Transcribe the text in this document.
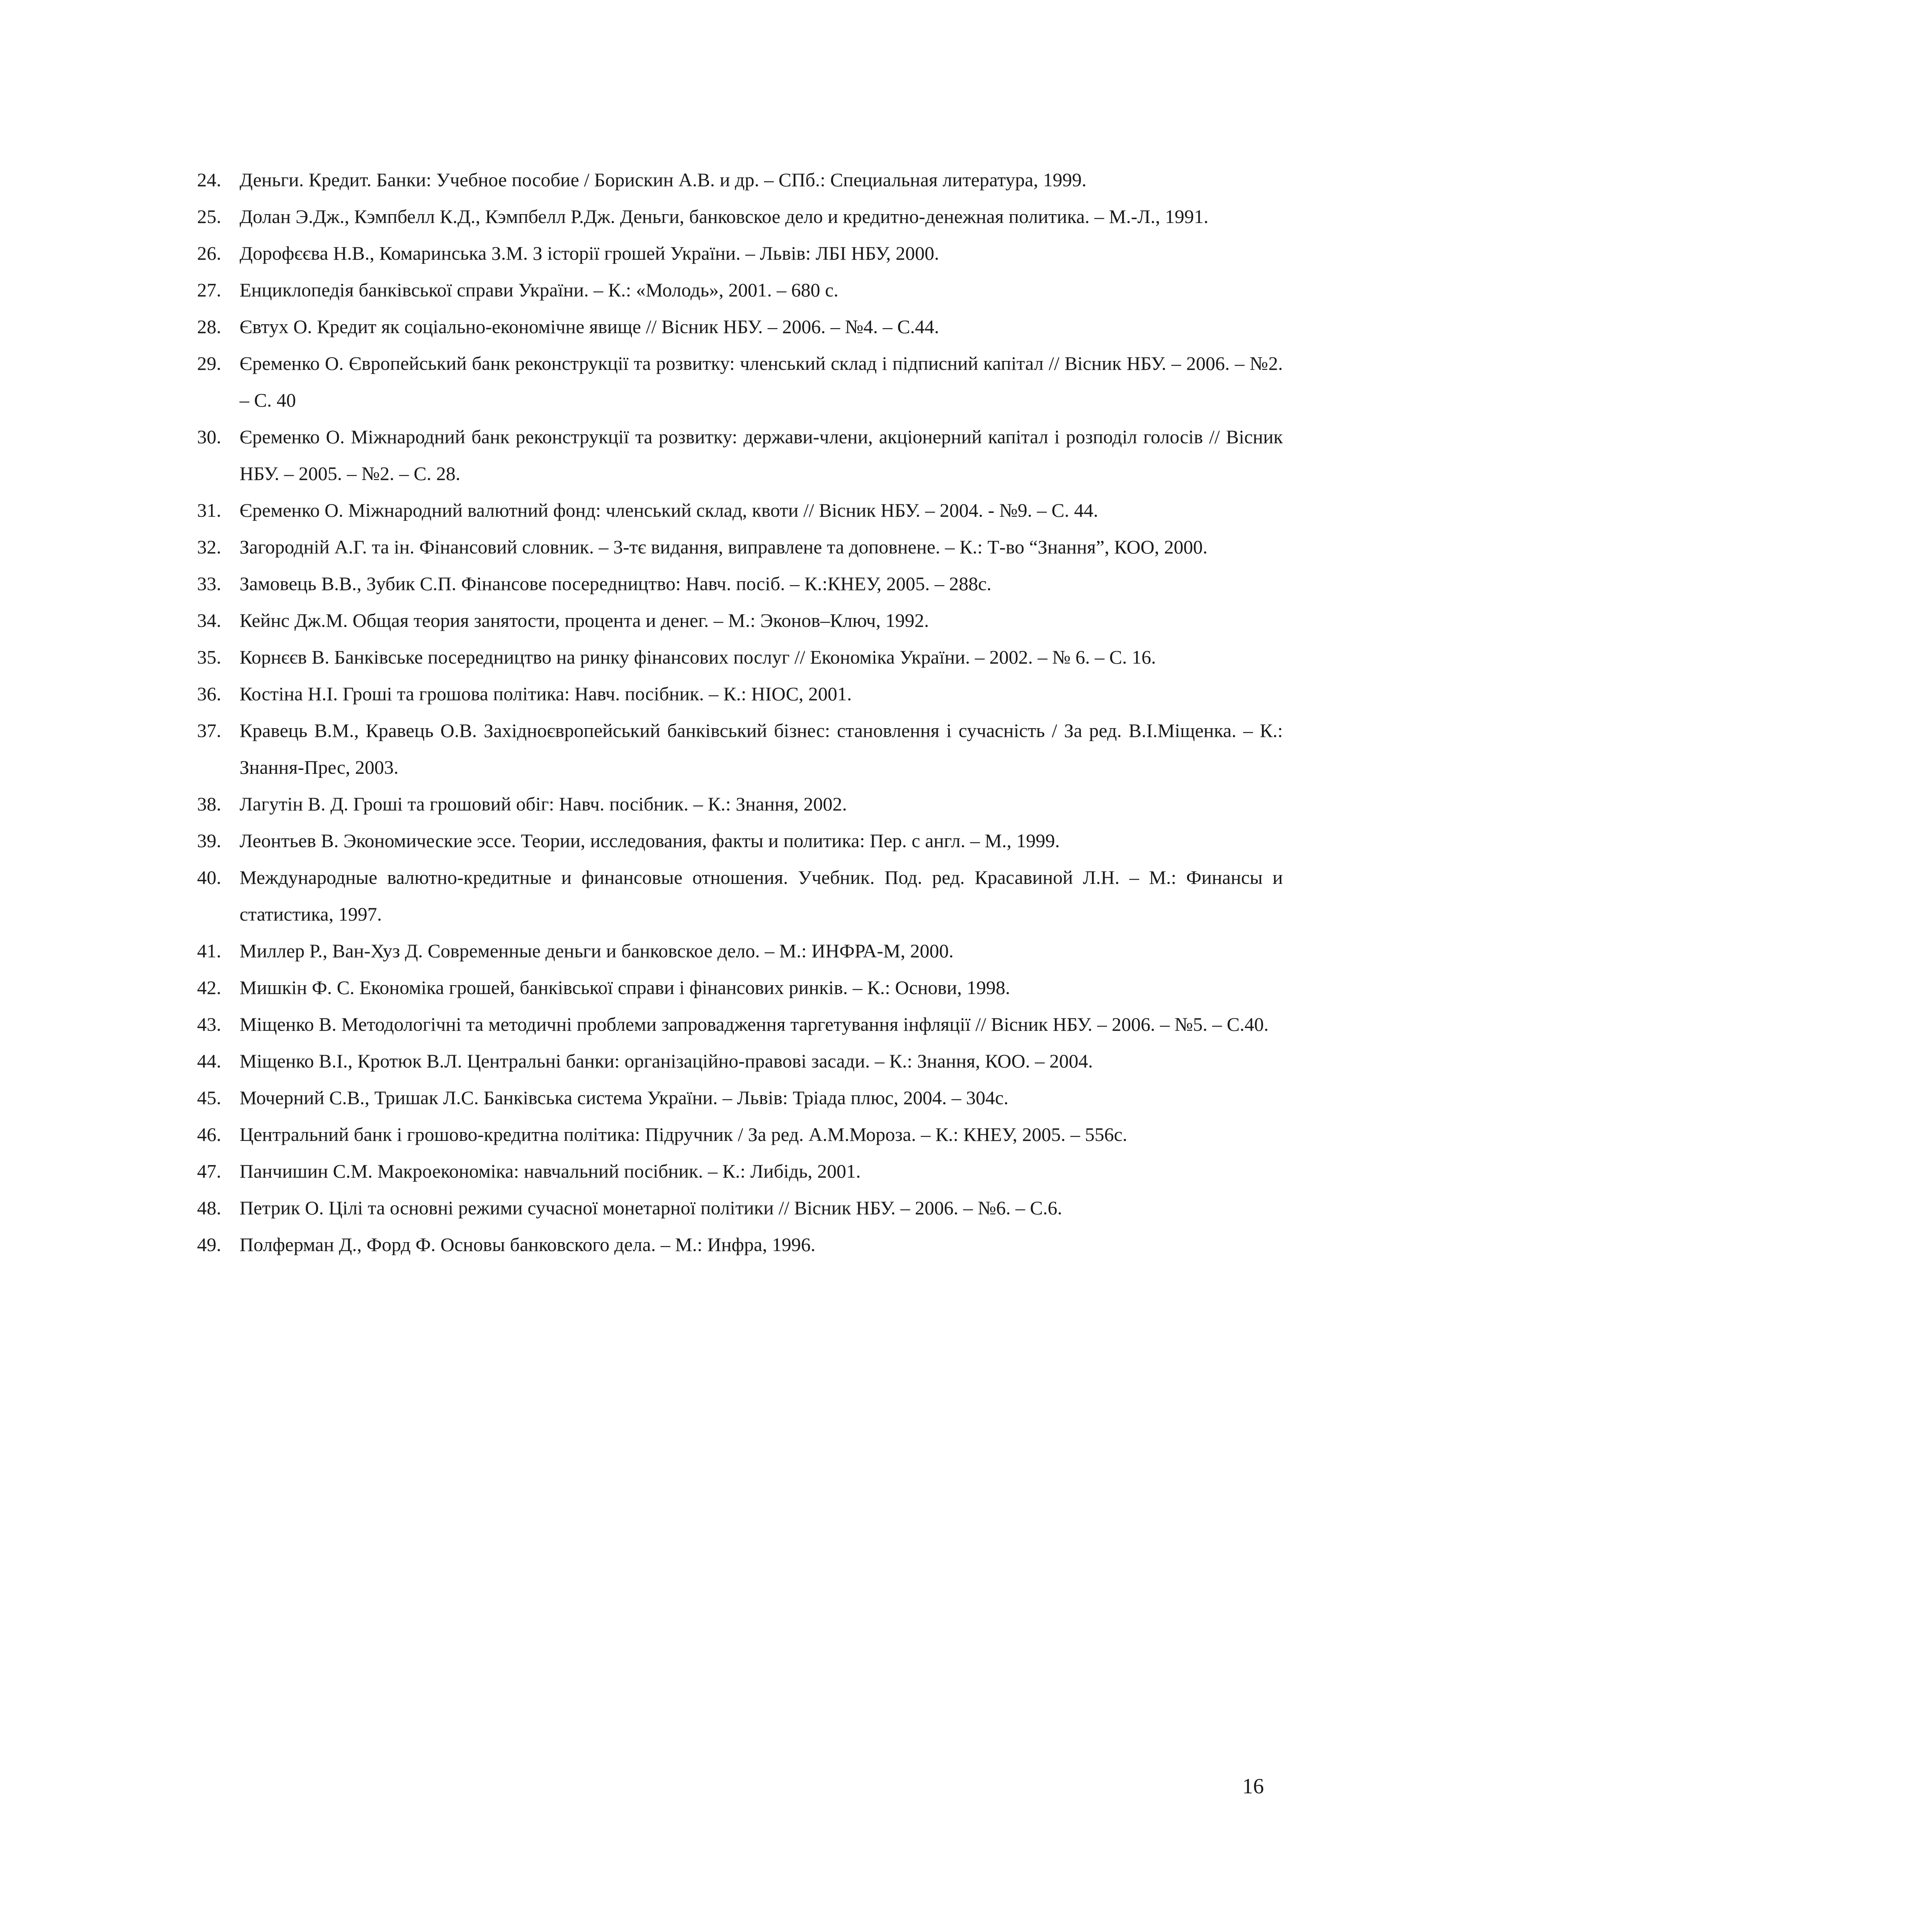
24. Деньги. Кредит. Банки: Учебное пособие / Борискин А.В. и др. – СПб.: Специальная литература, 1999.
25. Долан Э.Дж., Кэмпбелл К.Д., Кэмпбелл Р.Дж. Деньги, банковское дело и кредитно-денежная политика. – М.-Л., 1991.
26. Дорофєєва Н.В., Комаринська З.М. З історії грошей України. – Львів: ЛБІ НБУ, 2000.
27. Енциклопедія банківської справи України. – К.: «Молодь», 2001. – 680 с.
28. Євтух О. Кредит як соціально-економічне явище // Вісник НБУ. – 2006. – №4. – С.44.
29. Єременко О. Європейський банк реконструкції та розвитку: членський склад і підписний капітал // Вісник НБУ. – 2006. – №2. – С. 40
30. Єременко О. Міжнародний банк реконструкції та розвитку: держави-члени, акціонерний капітал і розподіл голосів // Вісник НБУ. – 2005. – №2. – С. 28.
31. Єременко О. Міжнародний валютний фонд: членський склад, квоти // Вісник НБУ. – 2004. - №9. – С. 44.
32. Загородній А.Г. та ін. Фінансовий словник. – 3-тє видання, виправлене та доповнене. – К.: Т-во “Знання”, КОО, 2000.
33. Замовець В.В., Зубик С.П. Фінансове посередництво: Навч. посіб. – К.:КНЕУ, 2005. – 288с.
34. Кейнс Дж.М. Общая теория занятости, процента и денег. – М.: Эконов–Ключ, 1992.
35. Корнєєв В. Банківське посередництво на ринку фінансових послуг // Економіка України. – 2002. – № 6. – С. 16.
36. Костіна Н.І. Гроші та грошова політика: Навч. посібник. – К.: НІОС, 2001.
37. Кравець В.М., Кравець О.В. Західноєвропейський банківський бізнес: становлення і сучасність / За ред. В.І.Міщенка. – К.: Знання-Прес, 2003.
38. Лагутін В. Д. Гроші та грошовий обіг: Навч. посібник. – К.: Знання, 2002.
39. Леонтьев В. Экономические эссе. Теории, исследования, факты и политика: Пер. с англ. – М., 1999.
40. Международные валютно-кредитные и финансовые отношения. Учебник. Под. ред. Красавиной Л.Н. – М.: Финансы и статистика, 1997.
41. Миллер Р., Ван-Хуз Д. Современные деньги и банковское дело. – М.: ИНФРА-М, 2000.
42. Мишкін Ф. С. Економіка грошей, банківської справи і фінансових ринків. – К.: Основи, 1998.
43. Міщенко В. Методологічні та методичні проблеми запровадження таргетування інфляції // Вісник НБУ. – 2006. – №5. – С.40.
44. Міщенко В.І., Кротюк В.Л. Центральні банки: організаційно-правові засади. – К.: Знання, КОО. – 2004.
45. Мочерний С.В., Тришак Л.С. Банківська система України. – Львів: Тріада плюс, 2004. – 304с.
46. Центральний банк і грошово-кредитна політика: Підручник / За ред. А.М.Мороза. – К.: КНЕУ, 2005. – 556с.
47. Панчишин С.М. Макроекономіка: навчальний посібник. – К.: Либідь, 2001.
48. Петрик О. Цілі та основні режими сучасної монетарної політики // Вісник НБУ. – 2006. – №6. – С.6.
49. Полферман Д., Форд Ф. Основы банковского дела. – М.: Инфра, 1996.
16
